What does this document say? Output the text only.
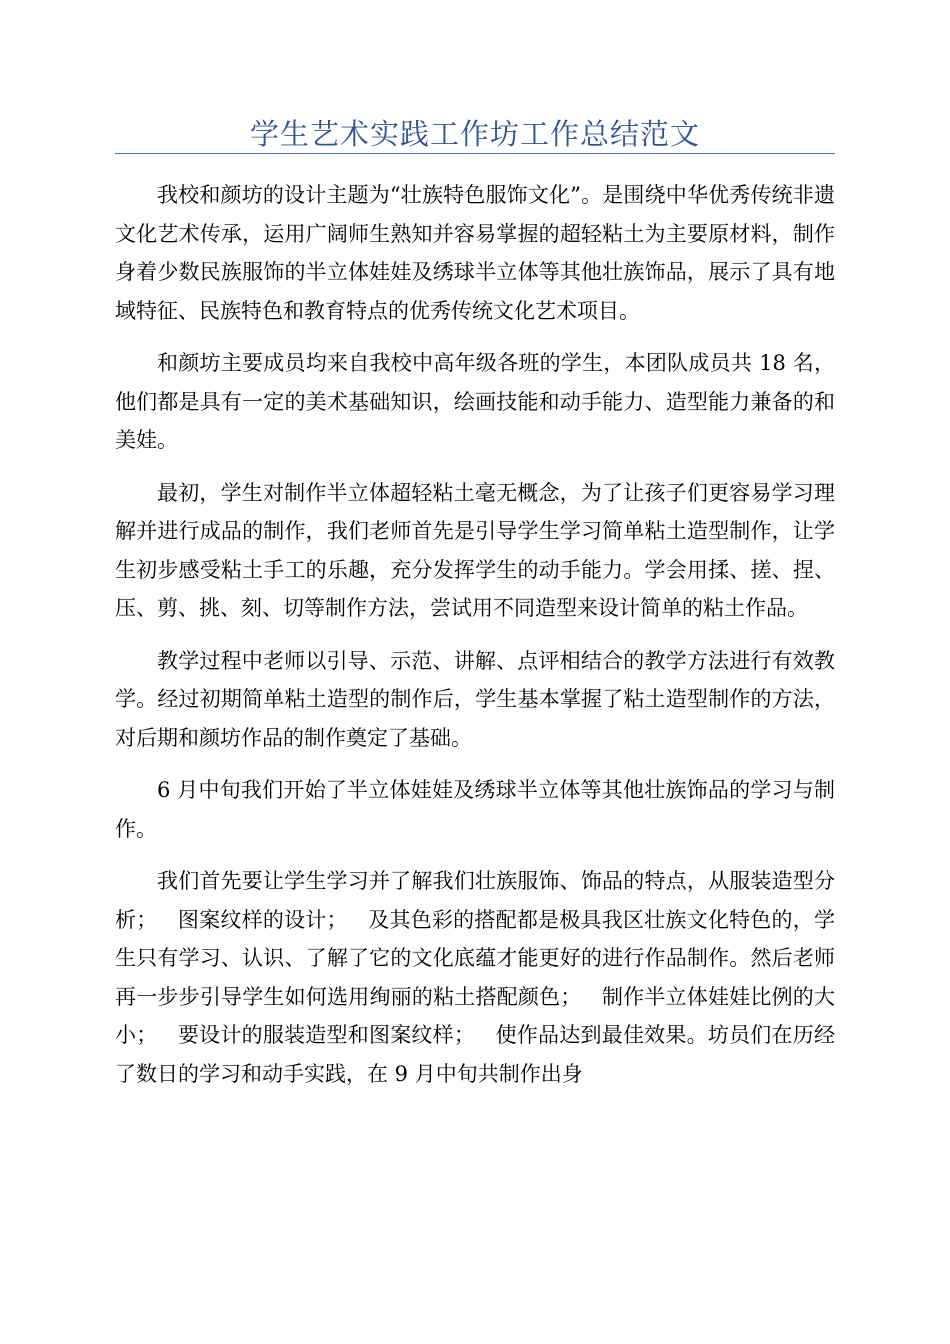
学生艺术实践工作坊工作总结范文

我校和颜坊的设计主题为“壮族特色服饰文化”。是围绕中华优秀传统非遗文化艺术传承，运用广阔师生熟知并容易掌握的超轻粘土为主要原材料，制作身着少数民族服饰的半立体娃娃及绣球半立体等其他壮族饰品，展示了具有地域特征、民族特色和教育特点的优秀传统文化艺术项目。

和颜坊主要成员均来自我校中高年级各班的学生，本团队成员共 18 名，他们都是具有一定的美术基础知识，绘画技能和动手能力、造型能力兼备的和美娃。

最初，学生对制作半立体超轻粘土毫无概念，为了让孩子们更容易学习理解并进行成品的制作，我们老师首先是引导学生学习简单粘土造型制作，让学生初步感受粘土手工的乐趣，充分发挥学生的动手能力。学会用揉、搓、捏、压、剪、挑、刻、切等制作方法，尝试用不同造型来设计简单的粘土作品。

教学过程中老师以引导、示范、讲解、点评相结合的教学方法进行有效教学。经过初期简单粘土造型的制作后，学生基本掌握了粘土造型制作的方法，对后期和颜坊作品的制作奠定了基础。

6 月中旬我们开始了半立体娃娃及绣球半立体等其他壮族饰品的学习与制作。

我们首先要让学生学习并了解我们壮族服饰、饰品的特点，从服装造型分析；   图案纹样的设计；   及其色彩的搭配都是极具我区壮族文化特色的，学生只有学习、认识、了解了它的文化底蕴才能更好的进行作品制作。然后老师再一步步引导学生如何选用绚丽的粘土搭配颜色；   制作半立体娃娃比例的大小；   要设计的服装造型和图案纹样；   使作品达到最佳效果。坊员们在历经了数日的学习和动手实践，在 9 月中旬共制作出身
